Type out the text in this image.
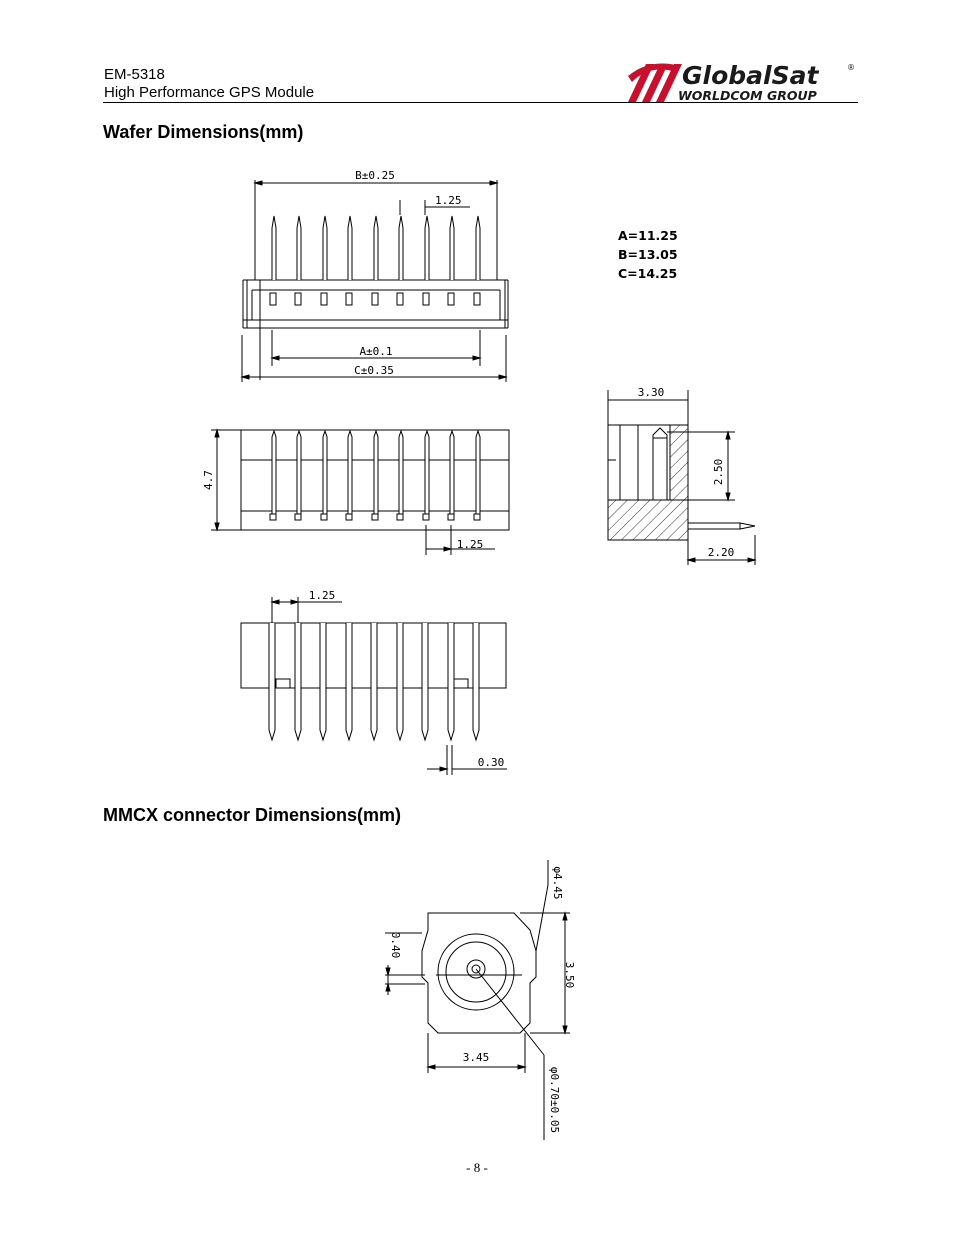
EM-5318
High Performance GPS Module
GlobalSat
WORLDCOM GROUP
®
Wafer Dimensions(mm)
B±0.25
1.25
A±0.1
C±0.35
A=11.25
B=13.05
C=14.25
4.7
1.25
3.30
2.50
2.20
1.25
0.30
MMCX connector Dimensions(mm)
φ4.45
0.40
3.50
3.45
φ0.70±0.05
- 8 -
